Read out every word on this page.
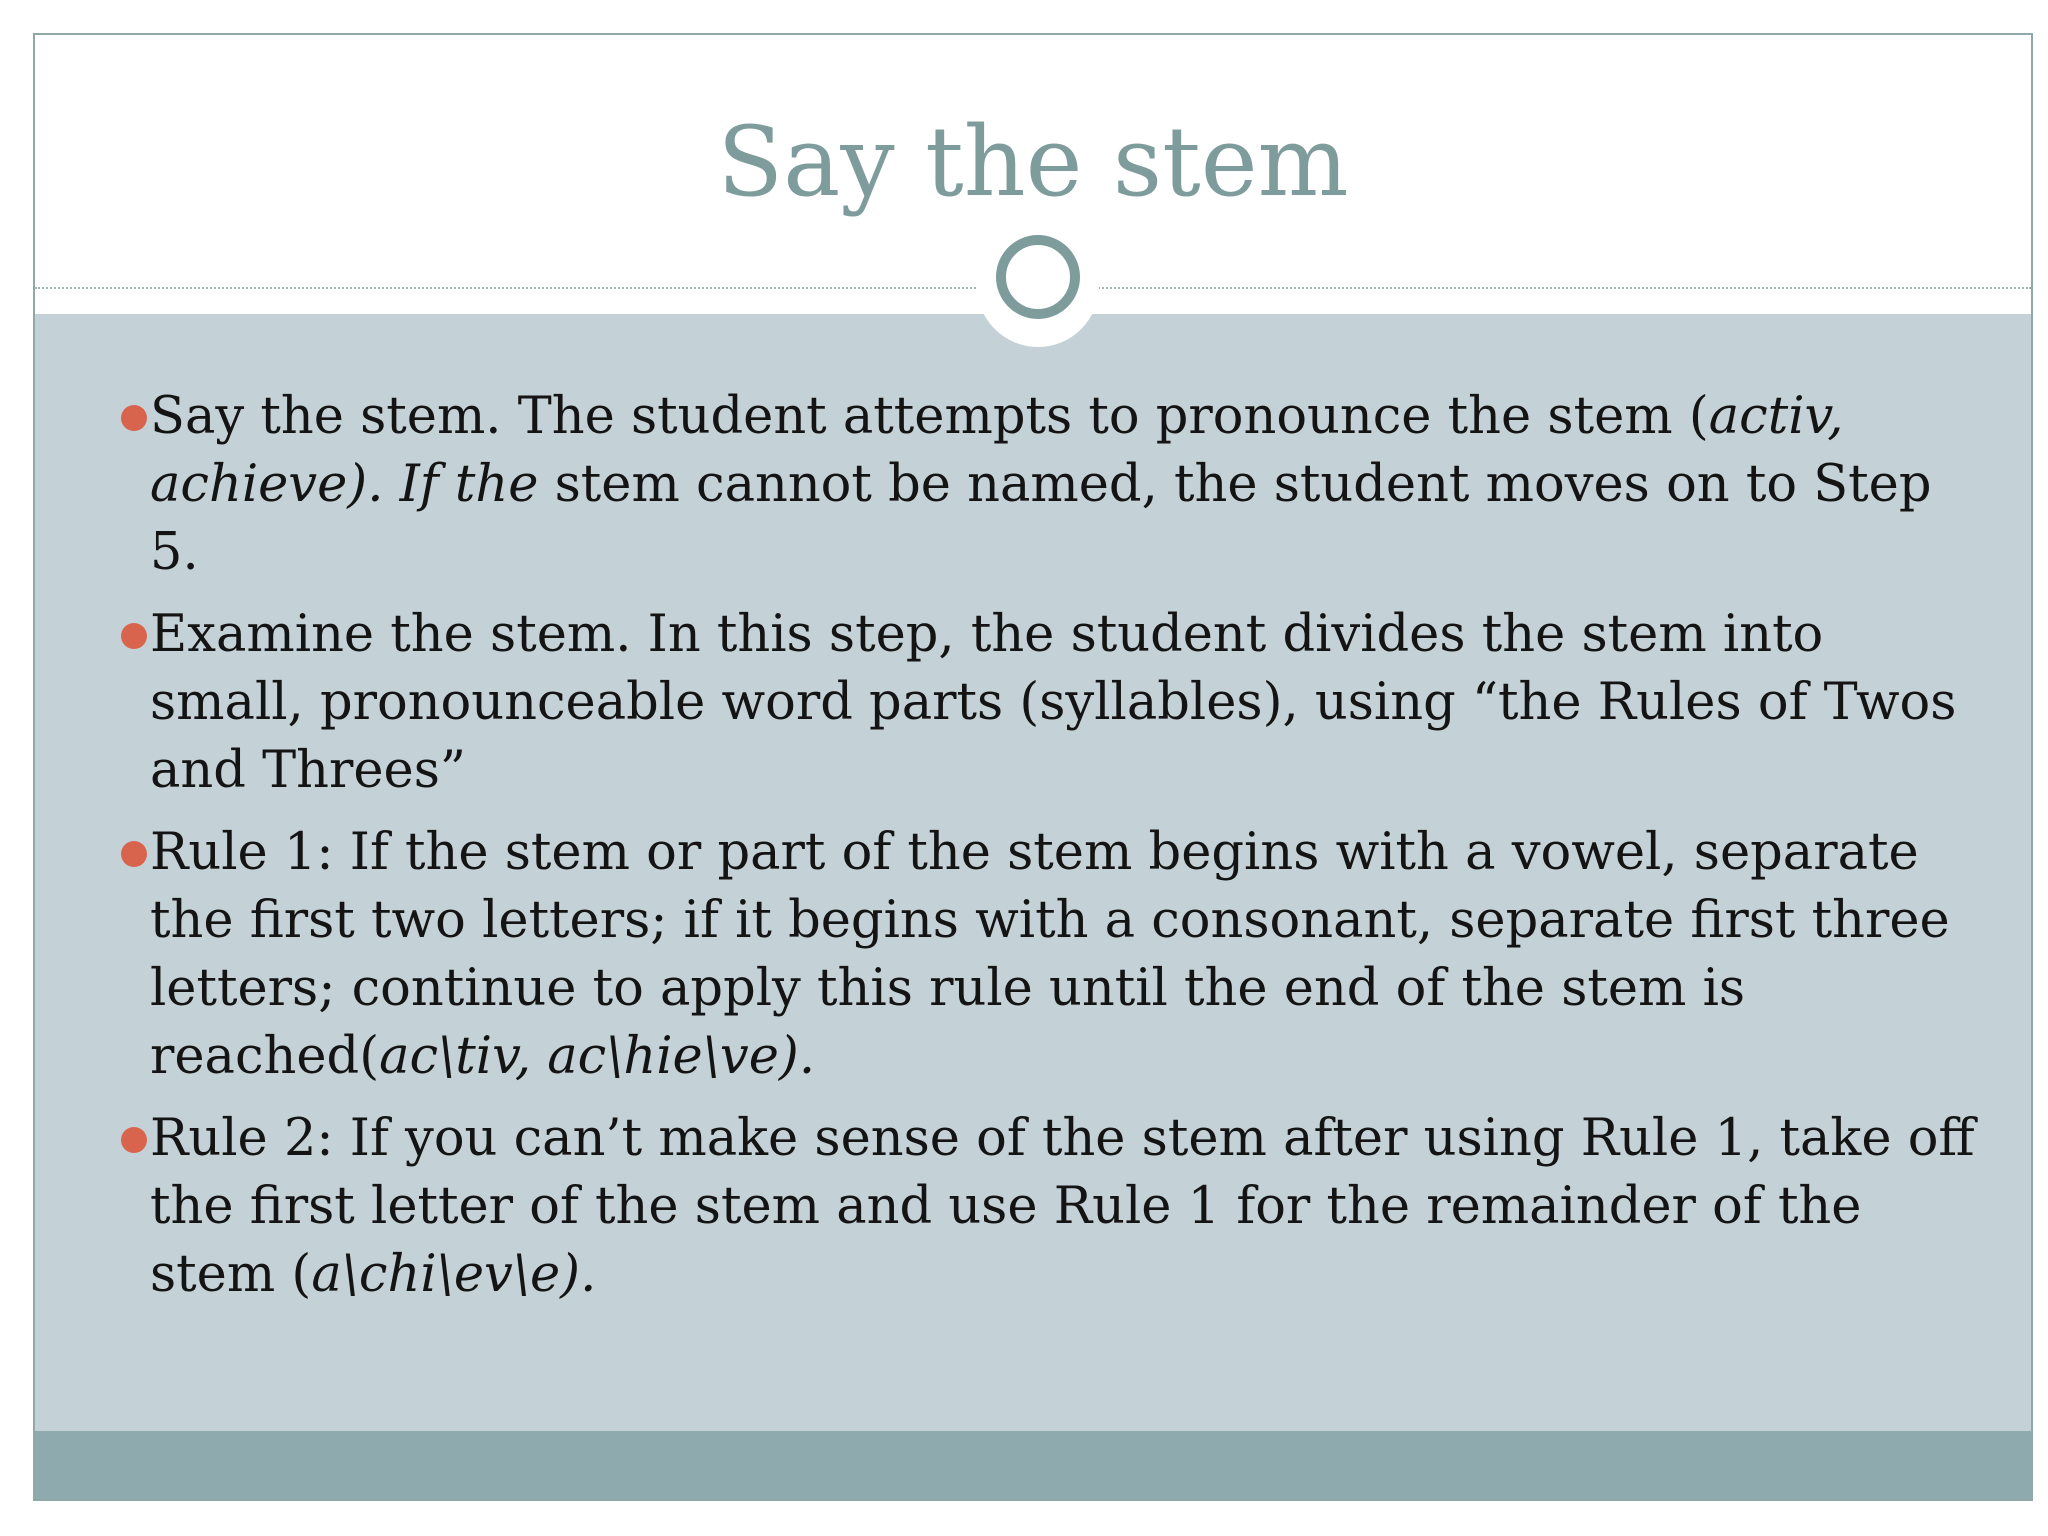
Say the stem
Say the stem. The student attempts to pronounce the stem (activ, achieve). If the stem cannot be named, the student moves on to Step 5.
Examine the stem. In this step, the student divides the stem into small, pronounceable word parts (syllables), using “the Rules of Twos and Threes”
Rule 1: If the stem or part of the stem begins with a vowel, separate the first two letters; if it begins with a consonant, separate first three letters; continue to apply this rule until the end of the stem is reached(ac\tiv, ac\hie\ve).
Rule 2: If you can’t make sense of the stem after using Rule 1, take off the first letter of the stem and use Rule 1 for the remainder of the stem (a\chi\ev\e).
